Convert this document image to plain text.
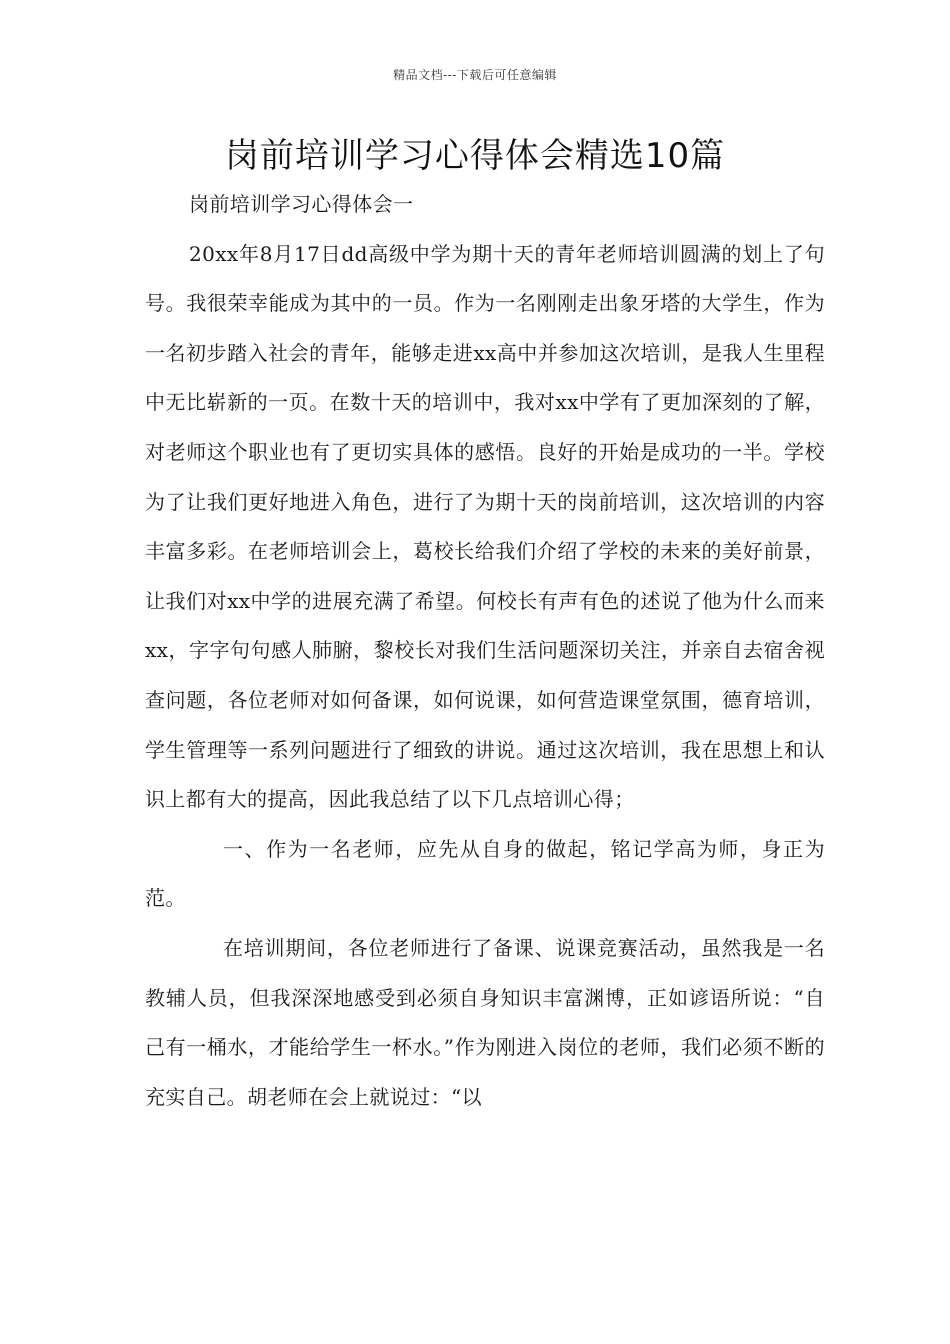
精品文档---下载后可任意编辑
岗前培训学习心得体会精选10篇

岗前培训学习心得体会一

20xx年8月17日dd高级中学为期十天的青年老师培训圆满的划上了句号。我很荣幸能成为其中的一员。作为一名刚刚走出象牙塔的大学生，作为一名初步踏入社会的青年，能够走进xx高中并参加这次培训，是我人生里程中无比崭新的一页。在数十天的培训中，我对xx中学有了更加深刻的了解，对老师这个职业也有了更切实具体的感悟。良好的开始是成功的一半。学校为了让我们更好地进入角色，进行了为期十天的岗前培训，这次培训的内容丰富多彩。在老师培训会上，葛校长给我们介绍了学校的未来的美好前景，让我们对xx中学的进展充满了希望。何校长有声有色的述说了他为什么而来xx，字字句句感人肺腑，黎校长对我们生活问题深切关注，并亲自去宿舍视查问题，各位老师对如何备课，如何说课，如何营造课堂氛围，德育培训，学生管理等一系列问题进行了细致的讲说。通过这次培训，我在思想上和认识上都有大的提高，因此我总结了以下几点培训心得；

一、作为一名老师，应先从自身的做起，铭记学高为师，身正为范。

在培训期间，各位老师进行了备课、说课竞赛活动，虽然我是一名教辅人员，但我深深地感受到必须自身知识丰富渊博，正如谚语所说：“自己有一桶水，才能给学生一杯水。”作为刚进入岗位的老师，我们必须不断的充实自己。胡老师在会上就说过：“以
